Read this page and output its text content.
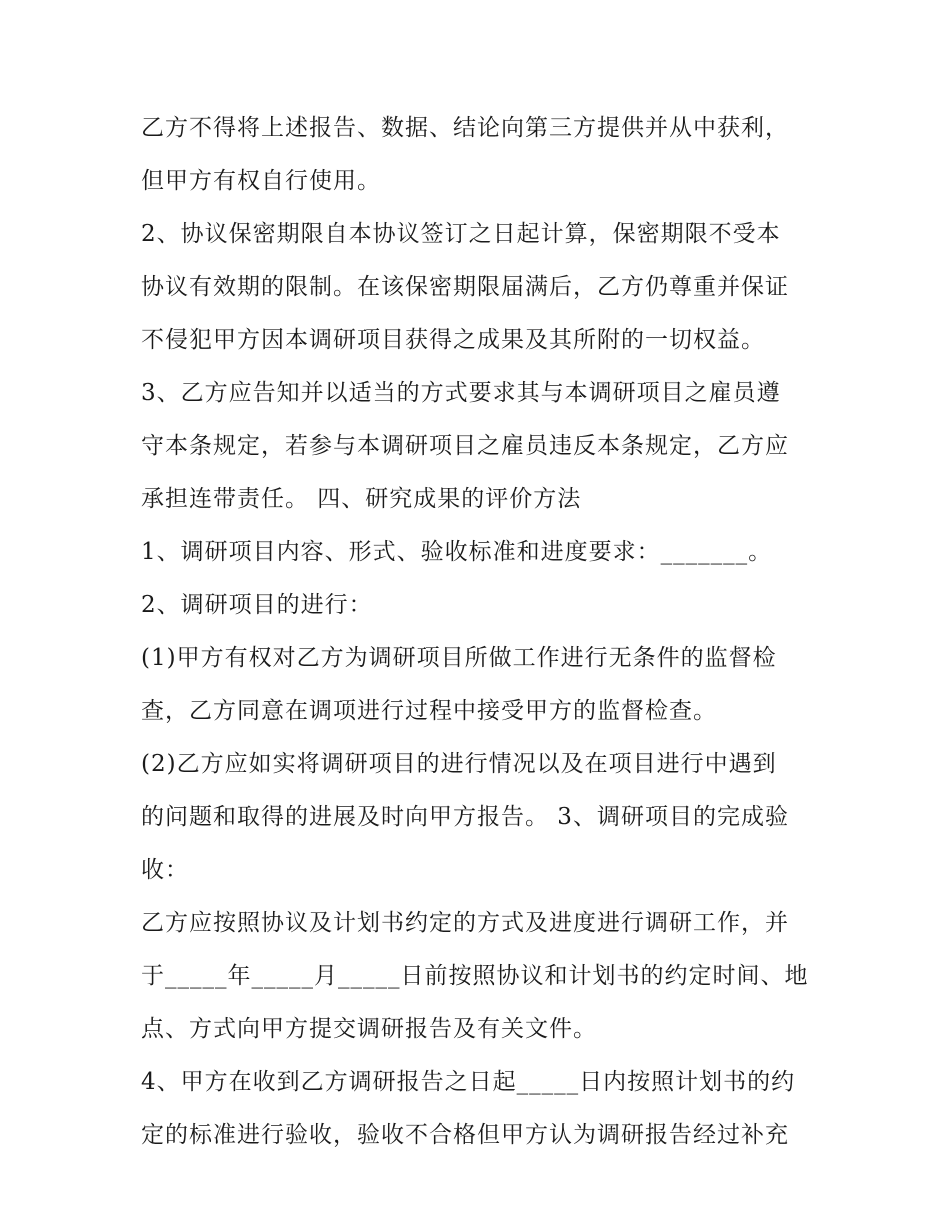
乙方不得将上述报告、数据、结论向第三方提供并从中获利，
但甲方有权自行使用。
2、协议保密期限自本协议签订之日起计算，保密期限不受本
协议有效期的限制。在该保密期限届满后，乙方仍尊重并保证
不侵犯甲方因本调研项目获得之成果及其所附的一切权益。
3、乙方应告知并以适当的方式要求其与本调研项目之雇员遵
守本条规定，若参与本调研项目之雇员违反本条规定，乙方应
承担连带责任。 四、研究成果的评价方法
1、调研项目内容、形式、验收标准和进度要求：_______。
2、调研项目的进行：
(1)甲方有权对乙方为调研项目所做工作进行无条件的监督检
查，乙方同意在调项进行过程中接受甲方的监督检查。
(2)乙方应如实将调研项目的进行情况以及在项目进行中遇到
的问题和取得的进展及时向甲方报告。 3、调研项目的完成验
收：
乙方应按照协议及计划书约定的方式及进度进行调研工作，并
于_____年_____月_____日前按照协议和计划书的约定时间、地
点、方式向甲方提交调研报告及有关文件。
4、甲方在收到乙方调研报告之日起_____日内按照计划书的约
定的标准进行验收，验收不合格但甲方认为调研报告经过补充
